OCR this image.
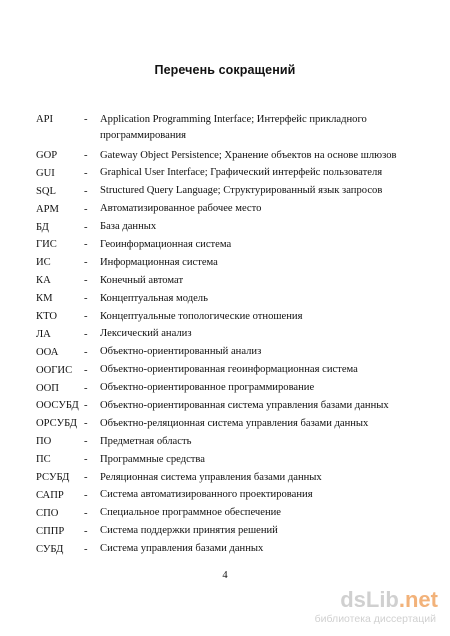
Перечень сокращений
API	- Application Programming Interface; Интерфейс прикладного программирования
GOP	- Gateway Object Persistence; Хранение объектов на основе шлюзов
GUI	- Graphical User Interface; Графический интерфейс пользователя
SQL	- Structured Query Language; Структурированный язык запросов
АРМ - Автоматизированное рабочее место
БД	- База данных
ГИС	- Геоинформационная система
ИС	- Информационная система
КА	- Конечный автомат
КМ	- Концептуальная модель
КТО	- Концептуальные топологические отношения
ЛА	- Лексический анализ
ООА - Объектно-ориентированный анализ
ООГИС - Объектно-ориентированная геоинформационная система
ООП - Объектно-ориентированное программирование
ООСУБД - Объектно-ориентированная система управления базами данных
ОРСУБД - Объектно-реляционная система управления базами данных
ПО	- Предметная область
ПС	- Программные средства
РСУБД - Реляционная система управления базами данных
САПР - Система автоматизированного проектирования
СПО - Специальное программное обеспечение
СППР - Система поддержки принятия решений
СУБД - Система управления базами данных
4
dsLib.net
библиотека диссертаций
